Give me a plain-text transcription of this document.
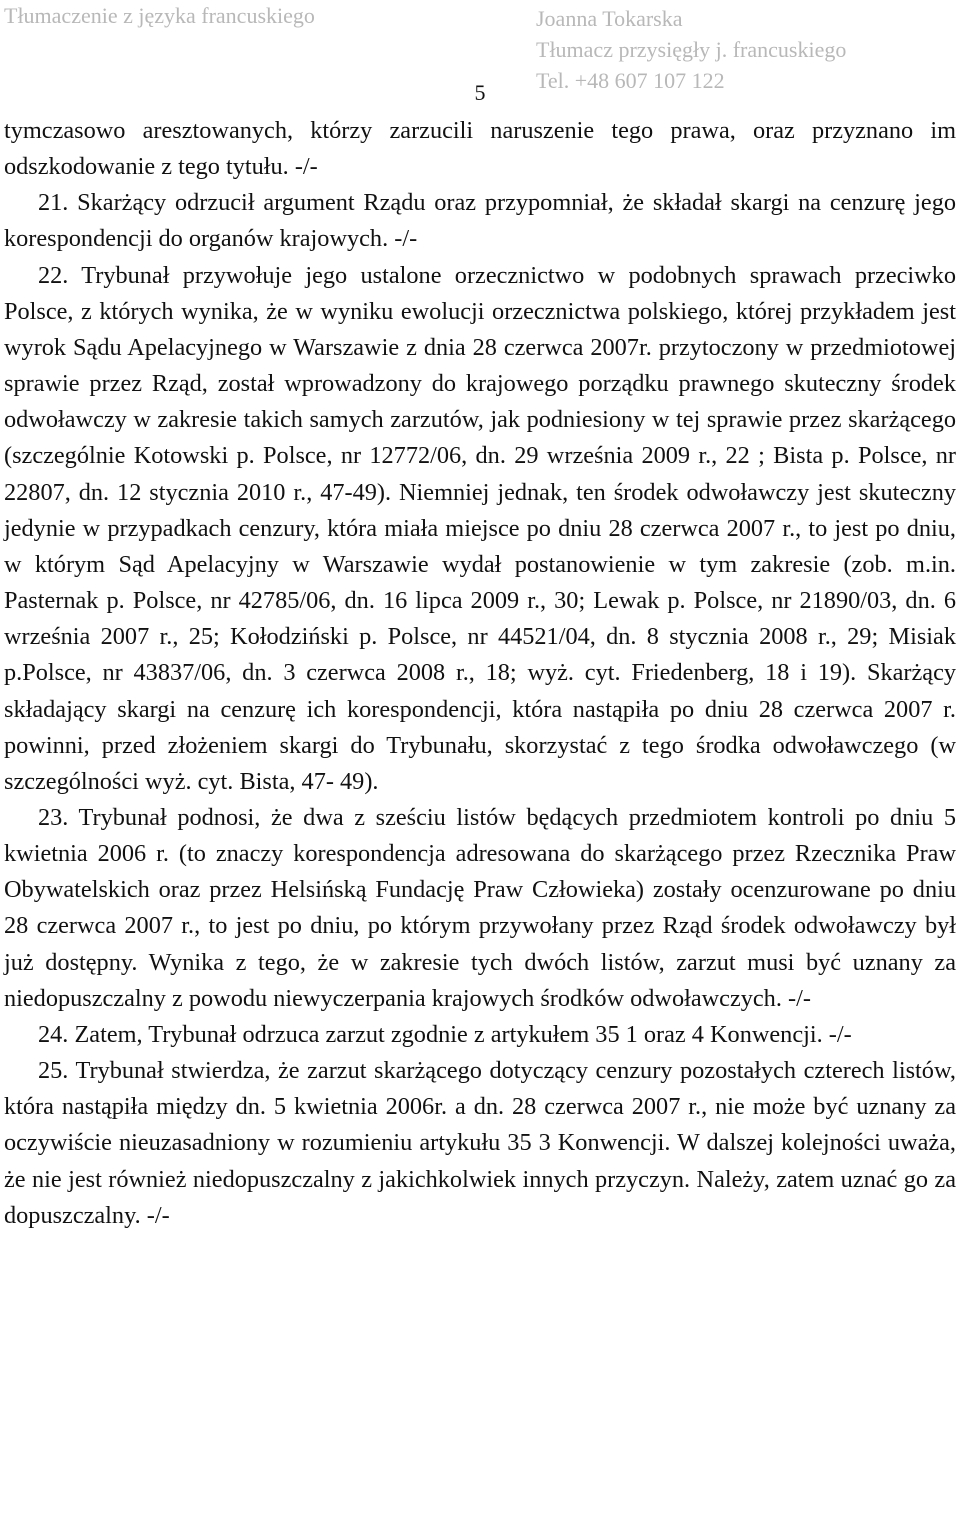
Tłumaczenie z języka francuskiego	Joanna Tokarska
Tłumacz przysięgły j. francuskiego
Tel. +48 607 107 122
5

tymczasowo aresztowanych, którzy zarzucili naruszenie tego prawa, oraz przyznano im odszkodowanie z tego tytułu. -/-

21. Skarżący odrzucił argument Rządu oraz przypomniał, że składał skargi na cenzurę jego korespondencji do organów krajowych. -/-

22. Trybunał przywołuje jego ustalone orzecznictwo w podobnych sprawach przeciwko Polsce, z których wynika, że w wyniku ewolucji orzecznictwa polskiego, której przykładem jest wyrok Sądu Apelacyjnego w Warszawie z dnia 28 czerwca 2007r. przytoczony w przedmiotowej sprawie przez Rząd, został wprowadzony do krajowego porządku prawnego skuteczny środek odwoławczy w zakresie takich samych zarzutów, jak podniesiony w tej sprawie przez skarżącego (szczególnie Kotowski p. Polsce, nr 12772/06, dn. 29 września 2009 r., 22 ; Bista p. Polsce, nr 22807, dn. 12 stycznia 2010 r., 47-49). Niemniej jednak, ten środek odwoławczy jest skuteczny jedynie w przypadkach cenzury, która miała miejsce po dniu 28 czerwca 2007 r., to jest po dniu, w którym Sąd Apelacyjny w Warszawie wydał postanowienie w tym zakresie (zob. m.in. Pasternak p. Polsce, nr 42785/06, dn. 16 lipca 2009 r., 30; Lewak p. Polsce, nr 21890/03, dn. 6 września 2007 r., 25; Kołodziński p. Polsce, nr 44521/04, dn. 8 stycznia 2008 r., 29; Misiak p.Polsce, nr 43837/06, dn. 3 czerwca 2008 r., 18; wyż. cyt. Friedenberg, 18 i 19). Skarżący składający skargi na cenzurę ich korespondencji, która nastąpiła po dniu 28 czerwca 2007 r. powinni, przed złożeniem skargi do Trybunału, skorzystać z tego środka odwoławczego (w szczególności wyż. cyt. Bista, 47- 49).

23. Trybunał podnosi, że dwa z sześciu listów będących przedmiotem kontroli po dniu 5 kwietnia 2006 r. (to znaczy korespondencja adresowana do skarżącego przez Rzecznika Praw Obywatelskich oraz przez Helsińską Fundację Praw Człowieka) zostały ocenzurowane po dniu 28 czerwca 2007 r., to jest po dniu, po którym przywołany przez Rząd środek odwoławczy był już dostępny. Wynika z tego, że w zakresie tych dwóch listów, zarzut musi być uznany za niedopuszczalny z powodu niewyczerpania krajowych środków odwoławczych. -/-

24. Zatem, Trybunał odrzuca zarzut zgodnie z artykułem 35 1 oraz 4 Konwencji. -/-

25. Trybunał stwierdza, że zarzut skarżącego dotyczący cenzury pozostałych czterech listów, która nastąpiła między dn. 5 kwietnia 2006r. a dn. 28 czerwca 2007 r., nie może być uznany za oczywiście nieuzasadniony w rozumieniu artykułu 35 3 Konwencji. W dalszej kolejności uważa, że nie jest również niedopuszczalny z jakichkolwiek innych przyczyn. Należy, zatem uznać go za dopuszczalny. -/-
